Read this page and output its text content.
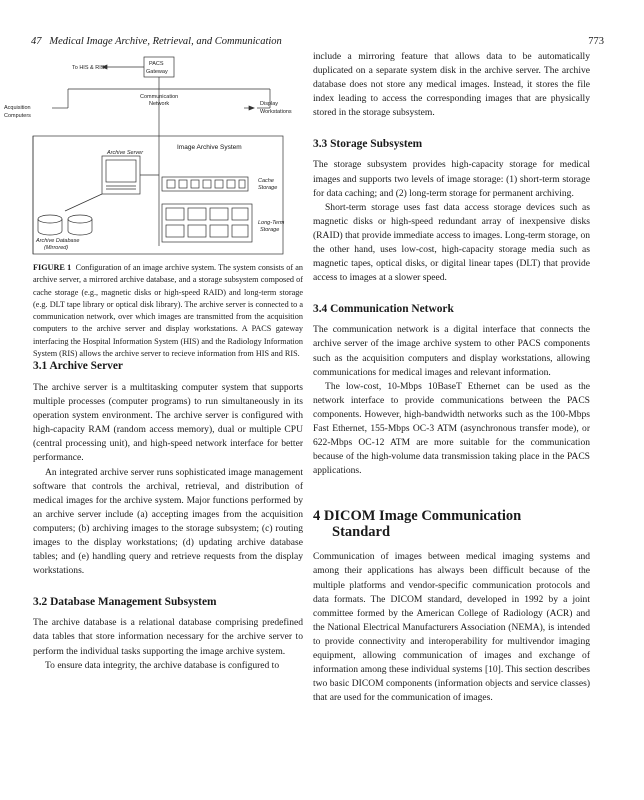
47 Medical Image Archive, Retrieval, and Communication	773
To HIS & RIS
PACS
Gateway
Communication
Network
Acquisition
Computers
Display
Workstations
Archive Server
Cache
Storage
Long-Term
Storage
Archive Database
(Mirrored)
Image Archive System

FIGURE 1 Configuration of an image archive system. The system consists of an archive server, a mirrored archive database, and a storage subsystem composed of cache storage (e.g., magnetic disks or high-speed RAID) and long-term storage (e.g. DLT tape library or optical disk library). The archive server is connected to a communication network, over which images are transmitted from the acquisition computers to the archive server and display workstations. A PACS gateway interfacing the Hospital Information System (HIS) and the Radiology Information System (RIS) allows the archive server to recieve information from HIS and RIS.

3.1 Archive Server

The archive server is a multitasking computer system that supports multiple processes (computer programs) to run simultaneously in its operation system environment. The archive server is configured with high-capacity RAM (random access memory), dual or multiple CPU (central processing unit), and high-speed network interface for better performance.

An integrated archive server runs sophisticated image management software that controls the archival, retrieval, and distribution of medical images for the archive system. Major functions performed by an archive server include (a) accepting images from the acquisition computers; (b) archiving images to the storage subsystem; (c) routing images to the display workstations; (d) updating archive database tables; and (e) handling query and retrieve requests from the display workstations.

3.2 Database Management Subsystem

The archive database is a relational database comprising predefined data tables that store information necessary for the archive server to perform the individual tasks supporting the image archive system.

To ensure data integrity, the archive database is configured to

include a mirroring feature that allows data to be automatically duplicated on a separate system disk in the archive server. The archive database does not store any medical images. Instead, it stores the file index leading to access the corresponding images that are physically stored in the storage subsystem.

3.3 Storage Subsystem

The storage subsystem provides high-capacity storage for medical images and supports two levels of image storage: (1) short-term storage for data caching; and (2) long-term storage for permanent archiving.

Short-term storage uses fast data access storage devices such as magnetic disks or high-speed redundant array of inexpensive disks (RAID) that provide immediate access to images. Long-term storage, on the other hand, uses low-cost, high-capacity storage media such as magnetic tapes, optical disks, or digital linear tapes (DLT) that provide access to images at a slower speed.

3.4 Communication Network

The communication network is a digital interface that connects the archive server of the image archive system to other PACS components such as the acquisition computers and display workstations, allowing communications for medical images and relevant information.

The low-cost, 10-Mbps 10BaseT Ethernet can be used as the network interface to provide communications between the PACS components. However, high-bandwidth networks such as the 100-Mbps Fast Ethernet, 155-Mbps OC-3 ATM (asynchronous transfer mode), or 622-Mbps OC-12 ATM are more suitable for the communication because of the high-volume data transmission taking place in the PACS applications.

4 DICOM Image Communication

Standard

Communication of images between medical imaging systems and among their applications has always been difficult because of the multiple platforms and vendor-specific communication protocols and data formats. The DICOM standard, developed in 1992 by a joint committee formed by the American College of Radiology (ACR) and the National Electrical Manufacturers Association (NEMA), is intended to provide connectivity and interoperability for multivendor imaging equipment, allowing communication of images and exchange of information among these individual systems [10]. This section describes two basic DICOM components (information objects and service classes) that are used for the communication of images.
